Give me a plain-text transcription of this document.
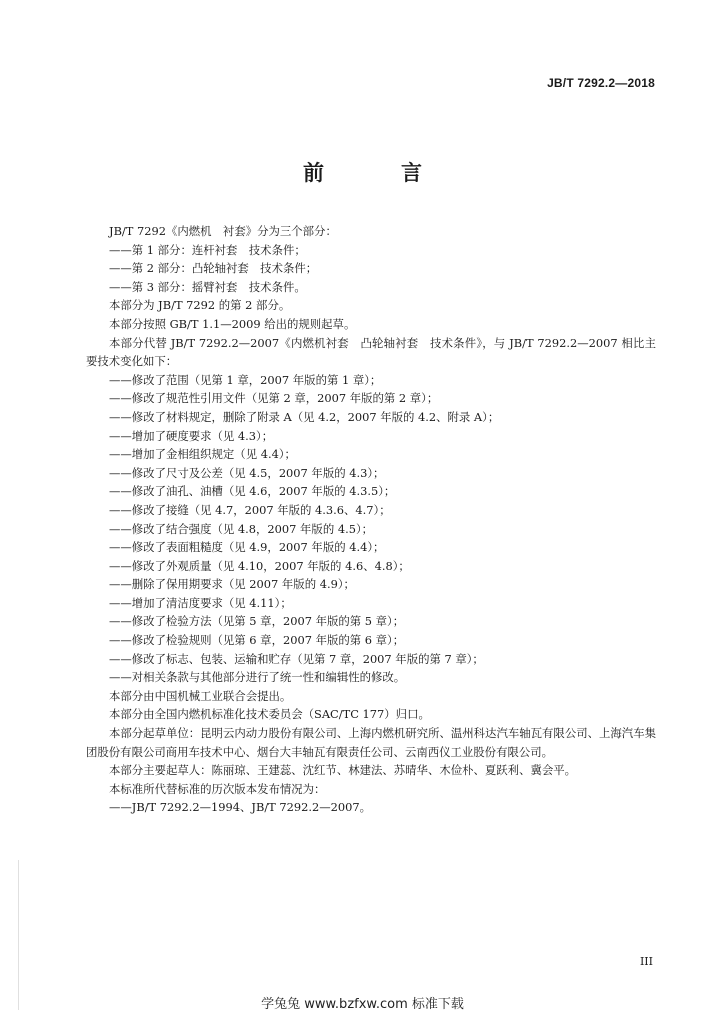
JB/T 7292.2—2018
前　言

JB/T 7292《内燃机　衬套》分为三个部分：

——第 1 部分：连杆衬套　技术条件；

——第 2 部分：凸轮轴衬套　技术条件；

——第 3 部分：摇臂衬套　技术条件。

本部分为 JB/T 7292 的第 2 部分。

本部分按照 GB/T 1.1—2009 给出的规则起草。

本部分代替 JB/T 7292.2—2007《内燃机衬套　凸轮轴衬套　技术条件》，与 JB/T 7292.2—2007 相比主要技术变化如下：

——修改了范围（见第 1 章，2007 年版的第 1 章）；

——修改了规范性引用文件（见第 2 章，2007 年版的第 2 章）；

——修改了材料规定，删除了附录 A（见 4.2，2007 年版的 4.2、附录 A）；

——增加了硬度要求（见 4.3）；

——增加了金相组织规定（见 4.4）；

——修改了尺寸及公差（见 4.5，2007 年版的 4.3）；

——修改了油孔、油槽（见 4.6，2007 年版的 4.3.5）；

——修改了接缝（见 4.7，2007 年版的 4.3.6、4.7）；

——修改了结合强度（见 4.8，2007 年版的 4.5）；

——修改了表面粗糙度（见 4.9，2007 年版的 4.4）；

——修改了外观质量（见 4.10，2007 年版的 4.6、4.8）；

——删除了保用期要求（见 2007 年版的 4.9）；

——增加了清洁度要求（见 4.11）；

——修改了检验方法（见第 5 章，2007 年版的第 5 章）；

——修改了检验规则（见第 6 章，2007 年版的第 6 章）；

——修改了标志、包装、运输和贮存（见第 7 章，2007 年版的第 7 章）；

——对相关条款与其他部分进行了统一性和编辑性的修改。

本部分由中国机械工业联合会提出。

本部分由全国内燃机标准化技术委员会（SAC/TC 177）归口。

本部分起草单位：昆明云内动力股份有限公司、上海内燃机研究所、温州科达汽车轴瓦有限公司、上海汽车集团股份有限公司商用车技术中心、烟台大丰轴瓦有限责任公司、云南西仪工业股份有限公司。

本部分主要起草人：陈丽琼、王建蕊、沈红节、林建法、苏晴华、木俭朴、夏跃利、冀会平。

本标准所代替标准的历次版本发布情况为：

——JB/T 7292.2—1994、JB/T 7292.2—2007。

III
学兔兔 www.bzfxw.com 标准下载
